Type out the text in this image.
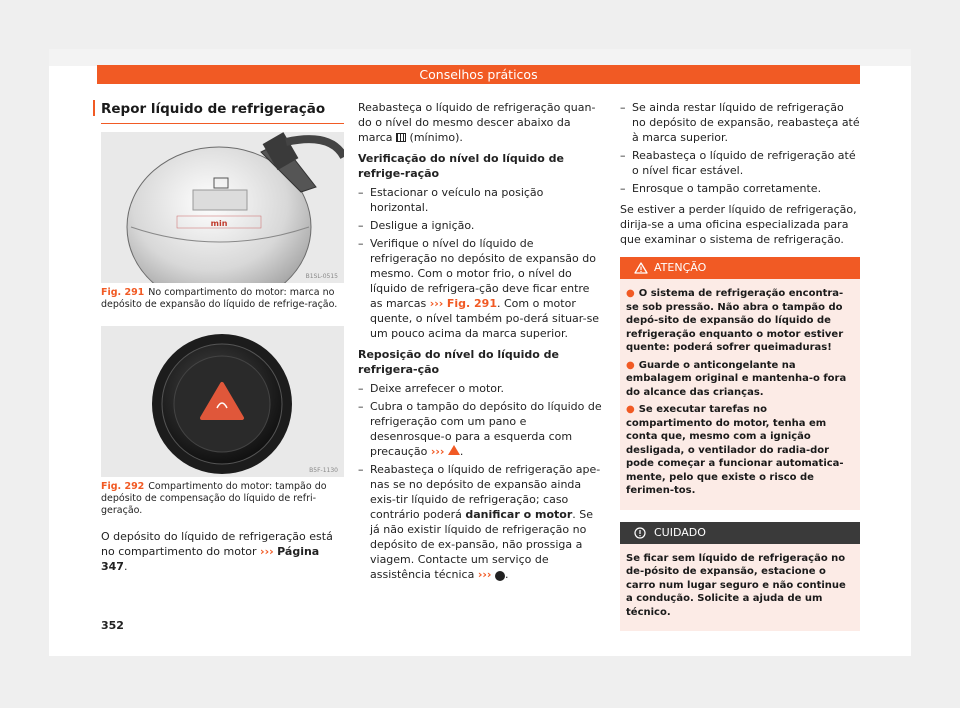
Conselhos práticos
Repor líquido de refrigeração
min
B1SL-0515
Fig. 291 No compartimento do motor: marca no depósito de expansão do líquido de refrige-ração.
B5F-1130
Fig. 292 Compartimento do motor: tampão do depósito de compensação do líquido de refri-geração.

O depósito do líquido de refrigeração está no compartimento do motor ››› Página 347.

Reabasteça o líquido de refrigeração quan-do o nível do mesmo descer abaixo da marca (mínimo).

Verificação do nível do líquido de refrige-ração
– Estacionar o veículo na posição horizontal.
– Desligue a ignição.
– Verifique o nível do líquido de refrigeração no depósito de expansão do mesmo. Com o motor frio, o nível do líquido de refrigera-ção deve ficar entre as marcas ››› Fig. 291. Com o motor quente, o nível também po-derá situar-se um pouco acima da marca superior.
Reposição do nível do líquido de refrigera-ção
– Deixe arrefecer o motor.
– Cubra o tampão do depósito do líquido de refrigeração com um pano e desenrosque-o para a esquerda com precaução ››› .
– Reabasteça o líquido de refrigeração ape-nas se no depósito de expansão ainda exis-tir líquido de refrigeração; caso contrário poderá danificar o motor. Se já não existir líquido de refrigeração no depósito de ex-pansão, não prossiga a viagem. Contacte um serviço de assistência técnica ››› ! .
– Se ainda restar líquido de refrigeração no depósito de expansão, reabasteça até à marca superior.
– Reabasteça o líquido de refrigeração até o nível ficar estável.
– Enrosque o tampão corretamente.

Se estiver a perder líquido de refrigeração, dirija-se a uma oficina especializada para que examinar o sistema de refrigeração.

ATENÇÃO

● O sistema de refrigeração encontra-se sob pressão. Não abra o tampão do depó-sito de expansão do líquido de refrigeração enquanto o motor estiver quente: poderá sofrer queimaduras!

● Guarde o anticongelante na embalagem original e mantenha-o fora do alcance das crianças.

● Se executar tarefas no compartimento do motor, tenha em conta que, mesmo com a ignição desligada, o ventilador do radia-dor pode começar a funcionar automatica-mente, pelo que existe o risco de ferimen-tos.

CUIDADO

Se ficar sem líquido de refrigeração no de-pósito de expansão, estacione o carro num lugar seguro e não continue a condução. Solicite a ajuda de um técnico.

352
